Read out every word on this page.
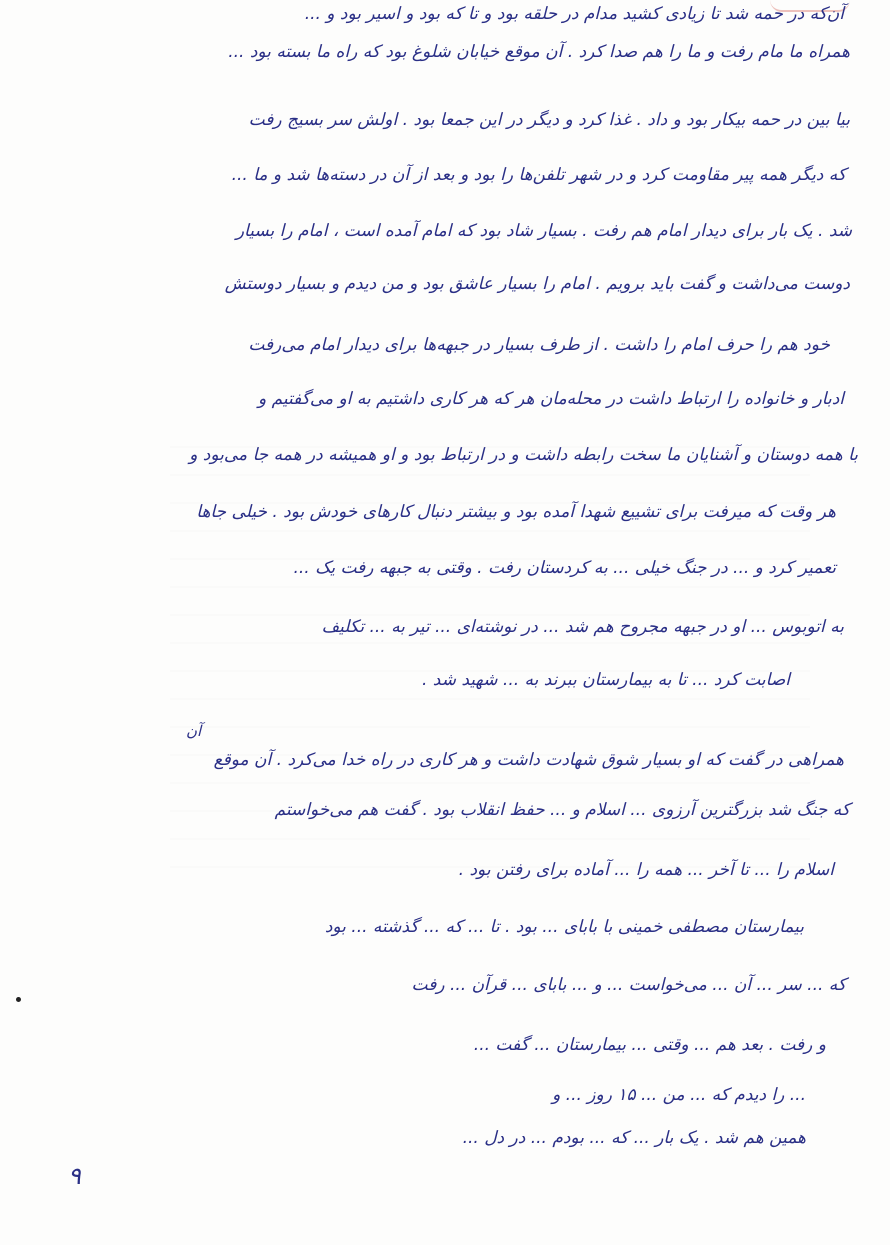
آن‌که در حمه شد تا زیادی کشید مدام در حلقه بود و تا که بود و اسیر بود و ...
همراه ما مام رفت و ما را هم صدا کرد . آن موقع خیابان شلوغ بود که راه ما بسته بود ...
بیا بین در حمه بیکار بود و داد . غذا کرد و دیگر در این جمعا بود . اولش سر بسیج رفت
که دیگر همه پیر مقاومت کرد و در شهر تلفن‌ها را بود و بعد از آن در دسته‌ها شد و ما ...
شد . یک بار برای دیدار امام هم رفت . بسیار شاد بود که امام آمده است ، امام را بسیار
دوست می‌داشت و گفت باید برویم . امام را بسیار عاشق بود و من دیدم و بسیار دوستش
خود هم را حرف امام را داشت . از طرف بسیار در جبهه‌ها برای دیدار امام می‌رفت
ادبار و خانواده را ارتباط داشت در محله‌مان هر که هر کاری داشتیم به او می‌گفتیم و
با همه دوستان و آشنایان ما سخت رابطه داشت و در ارتباط بود و او همیشه در همه جا می‌بود و
هر وقت که میرفت برای تشییع شهدا آمده بود و بیشتر دنبال کارهای خودش بود . خیلی جاها
تعمیر کرد و ... در جنگ خیلی ... به کردستان رفت . وقتی به جبهه رفت یک ...
به اتوبوس ... او در جبهه مجروح هم شد ... در نوشته‌ای ... تیر به ... تکلیف
اصابت کرد ... تا به بیمارستان ببرند به ... شهید شد .
همراهی در گفت که او بسیار شوق شهادت داشت و هر کاری در راه خدا می‌کرد . آن موقع
که جنگ شد بزرگترین آرزوی ... اسلام و ... حفظ انقلاب بود . گفت هم می‌خواستم
اسلام را ... تا آخر ... همه را ... آماده برای رفتن بود .
بیمارستان مصطفی خمینی با بابای ... بود . تا ... که ... گذشته ... بود
که ... سر ... آن ... می‌خواست ... و ... بابای ... قرآن ... رفت
و رفت . بعد هم ... وقتی ... بیمارستان ... گفت ...
... را دیدم که ... من ... ۱۵ روز ... و
همین هم شد . یک بار ... که ... بودم ... در دل ...
آن
۹
